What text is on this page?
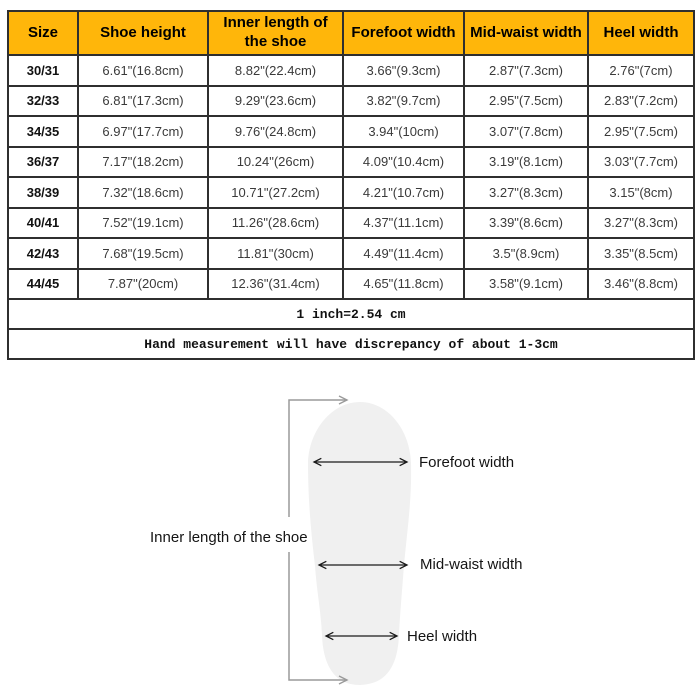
Size	Shoe height	Inner length of the shoe	Forefoot width	Mid-waist width	Heel width
30/31	6.61"(16.8cm)	8.82"(22.4cm)	3.66"(9.3cm)	2.87"(7.3cm)	2.76"(7cm)
32/33	6.81"(17.3cm)	9.29"(23.6cm)	3.82"(9.7cm)	2.95"(7.5cm)	2.83"(7.2cm)
34/35	6.97"(17.7cm)	9.76"(24.8cm)	3.94"(10cm)	3.07"(7.8cm)	2.95"(7.5cm)
36/37	7.17"(18.2cm)	10.24"(26cm)	4.09"(10.4cm)	3.19"(8.1cm)	3.03"(7.7cm)
38/39	7.32"(18.6cm)	10.71"(27.2cm)	4.21"(10.7cm)	3.27"(8.3cm)	3.15"(8cm)
40/41	7.52"(19.1cm)	11.26"(28.6cm)	4.37"(11.1cm)	3.39"(8.6cm)	3.27"(8.3cm)
42/43	7.68"(19.5cm)	11.81"(30cm)	4.49"(11.4cm)	3.5"(8.9cm)	3.35"(8.5cm)
44/45	7.87"(20cm)	12.36"(31.4cm)	4.65"(11.8cm)	3.58"(9.1cm)	3.46"(8.8cm)
1 inch=2.54 cm					
Hand measurement will have discrepancy of about 1-3cm					
Inner length of the shoe
Forefoot width
Mid-waist width
Heel width
